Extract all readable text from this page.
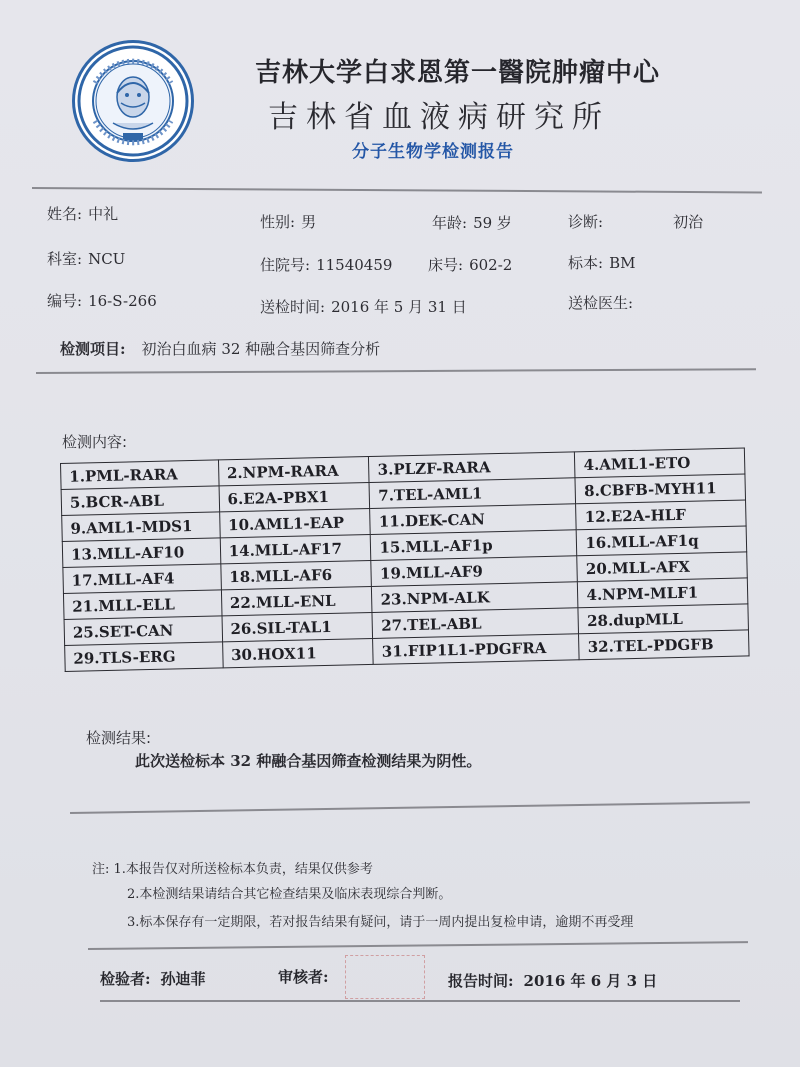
吉林大学白求恩第一醫院肿瘤中心
吉林省血液病研究所
分子生物学检测报告
姓名: 中礼	性别: 男	年龄: 59 岁	诊断:	初治
科室: NCU	住院号: 11540459 床号: 602-2	标本: BM
编号: 16-S-266	送检时间: 2016 年 5 月 31 日	送检医生:
检测项目: 初治白血病 32 种融合基因筛查分析
检测内容:
1.PML-RARA	2.NPM-RARA	3.PLZF-RARA	4.AML1-ETO
5.BCR-ABL	6.E2A-PBX1	7.TEL-AML1	8.CBFB-MYH11
9.AML1-MDS1	10.AML1-EAP	11.DEK-CAN	12.E2A-HLF
13.MLL-AF10	14.MLL-AF17	15.MLL-AF1p	16.MLL-AF1q
17.MLL-AF4	18.MLL-AF6	19.MLL-AF9	20.MLL-AFX
21.MLL-ELL	22.MLL-ENL	23.NPM-ALK	4.NPM-MLF1
25.SET-CAN	26.SIL-TAL1	27.TEL-ABL	28.dupMLL
29.TLS-ERG	30.HOX11	31.FIP1L1-PDGFRA	32.TEL-PDGFB
检测结果:
此次送检标本 32 种融合基因筛查检测结果为阴性。
注: 1.本报告仅对所送检标本负责，结果仅供参考
2.本检测结果请结合其它检查结果及临床表现综合判断。
3.标本保存有一定期限，若对报告结果有疑问，请于一周内提出复检申请，逾期不再受理
检验者: 孙迪菲	审核者:	报告时间: 2016 年 6 月 3 日
